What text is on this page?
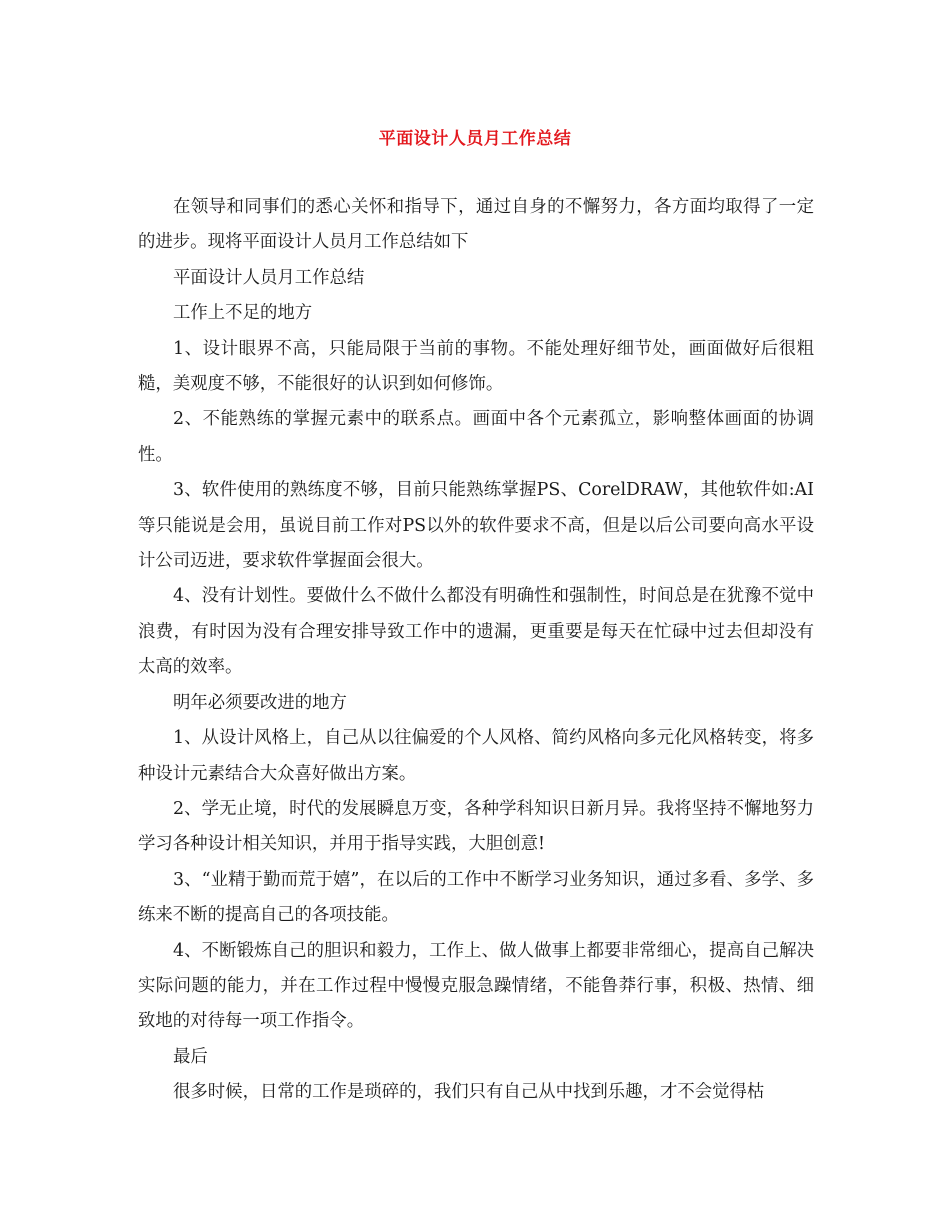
平面设计人员月工作总结

在领导和同事们的悉心关怀和指导下，通过自身的不懈努力，各方面均取得了一定的进步。现将平面设计人员月工作总结如下

平面设计人员月工作总结

工作上不足的地方

1、设计眼界不高，只能局限于当前的事物。不能处理好细节处，画面做好后很粗糙，美观度不够，不能很好的认识到如何修饰。

2、不能熟练的掌握元素中的联系点。画面中各个元素孤立，影响整体画面的协调性。

3、软件使用的熟练度不够，目前只能熟练掌握PS、CorelDRAW，其他软件如:AI 等只能说是会用，虽说目前工作对PS以外的软件要求不高，但是以后公司要向高水平设计公司迈进，要求软件掌握面会很大。

4、没有计划性。要做什么不做什么都没有明确性和强制性，时间总是在犹豫不觉中浪费，有时因为没有合理安排导致工作中的遗漏，更重要是每天在忙碌中过去但却没有太高的效率。

明年必须要改进的地方

1、从设计风格上，自己从以往偏爱的个人风格、简约风格向多元化风格转变，将多种设计元素结合大众喜好做出方案。

2、学无止境，时代的发展瞬息万变，各种学科知识日新月异。我将坚持不懈地努力学习各种设计相关知识，并用于指导实践，大胆创意!

3、“业精于勤而荒于嬉”，在以后的工作中不断学习业务知识，通过多看、多学、多练来不断的提高自己的各项技能。

4、不断锻炼自己的胆识和毅力，工作上、做人做事上都要非常细心，提高自己解决实际问题的能力，并在工作过程中慢慢克服急躁情绪，不能鲁莽行事，积极、热情、细致地的对待每一项工作指令。

最后

很多时候，日常的工作是琐碎的，我们只有自己从中找到乐趣，才不会觉得枯
